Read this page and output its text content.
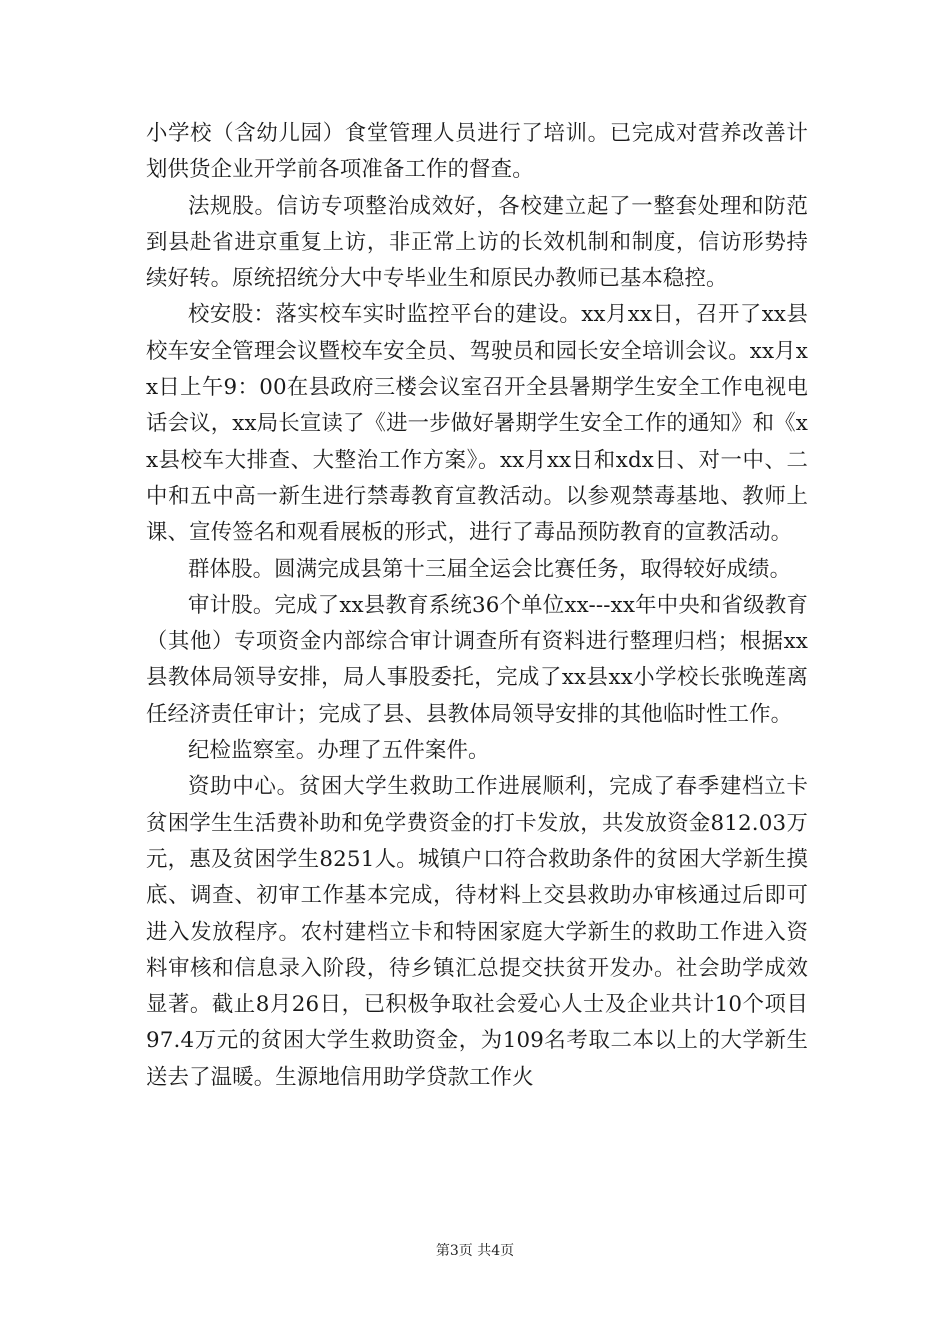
小学校（含幼儿园）食堂管理人员进行了培训。已完成对营养改善计划供货企业开学前各项准备工作的督查。

法规股。信访专项整治成效好，各校建立起了一整套处理和防范到县赴省进京重复上访，非正常上访的长效机制和制度，信访形势持续好转。原统招统分大中专毕业生和原民办教师已基本稳控。

校安股：落实校车实时监控平台的建设。xx月xx日，召开了xx县校车安全管理会议暨校车安全员、驾驶员和园长安全培训会议。xx月xx日上午9：00在县政府三楼会议室召开全县暑期学生安全工作电视电话会议，xx局长宣读了《进一步做好暑期学生安全工作的通知》和《xx县校车大排查、大整治工作方案》。xx月xx日和xdx日、对一中、二中和五中高一新生进行禁毒教育宣教活动。以参观禁毒基地、教师上课、宣传签名和观看展板的形式，进行了毒品预防教育的宣教活动。

群体股。圆满完成县第十三届全运会比赛任务，取得较好成绩。

审计股。完成了xx县教育系统36个单位xx---xx年中央和省级教育（其他）专项资金内部综合审计调查所有资料进行整理归档；根据xx县教体局领导安排，局人事股委托，完成了xx县xx小学校长张晚莲离任经济责任审计；完成了县、县教体局领导安排的其他临时性工作。

纪检监察室。办理了五件案件。

资助中心。贫困大学生救助工作进展顺利，完成了春季建档立卡贫困学生生活费补助和免学费资金的打卡发放，共发放资金812.03万元，惠及贫困学生8251人。城镇户口符合救助条件的贫困大学新生摸底、调查、初审工作基本完成，待材料上交县救助办审核通过后即可进入发放程序。农村建档立卡和特困家庭大学新生的救助工作进入资料审核和信息录入阶段，待乡镇汇总提交扶贫开发办。社会助学成效显著。截止8月26日，已积极争取社会爱心人士及企业共计10个项目97.4万元的贫困大学生救助资金，为109名考取二本以上的大学新生送去了温暖。生源地信用助学贷款工作火

第3页 共4页
